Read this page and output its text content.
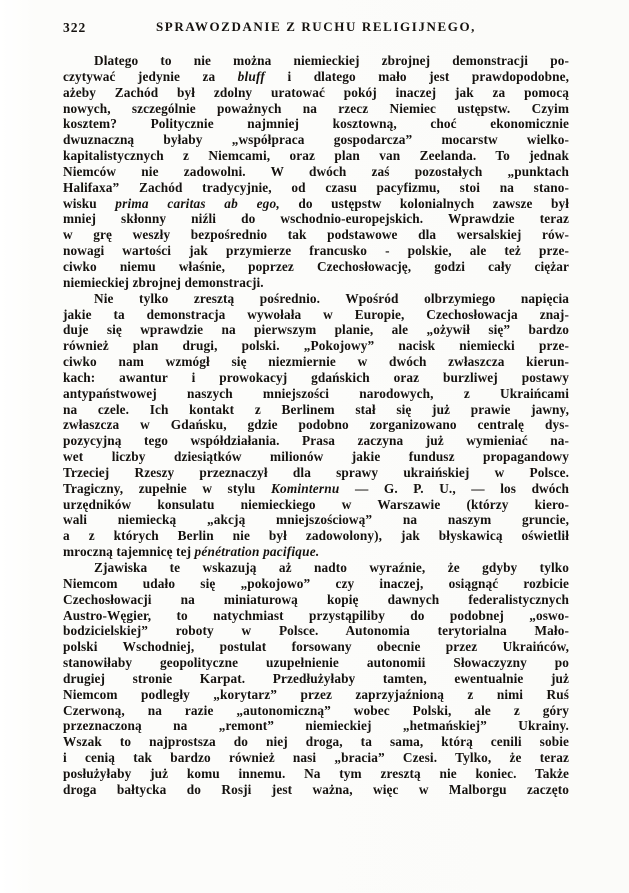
322	SPRAWOZDANIE Z RUCHU RELIGIJNEGO,
Dlatego to nie można niemieckiej zbrojnej demonstracji po-
czytywać jedynie za bluff i dlatego mało jest prawdopodobne,
ażeby Zachód był zdolny uratować pokój inaczej jak za pomocą
nowych, szczególnie poważnych na rzecz Niemiec ustępstw. Czyim
kosztem? Politycznie najmniej kosztowną, choć ekonomicznie
dwuznaczną byłaby „współpraca gospodarcza” mocarstw wielko-
kapitalistycznych z Niemcami, oraz plan van Zeelanda. To jednak
Niemców nie zadowolni. W dwóch zaś pozostałych „punktach
Halifaxa” Zachód tradycyjnie, od czasu pacyfizmu, stoi na stano-
wisku prima caritas ab ego, do ustępstw kolonialnych zawsze był
mniej skłonny niźli do wschodnio-europejskich. Wprawdzie teraz
w grę weszły bezpośrednio tak podstawowe dla wersalskiej rów-
nowagi wartości jak przymierze francusko - polskie, ale też prze-
ciwko niemu właśnie, poprzez Czechosłowację, godzi cały ciężar
niemieckiej zbrojnej demonstracji.
Nie tylko zresztą pośrednio. Wpośród olbrzymiego napięcia
jakie ta demonstracja wywołała w Europie, Czechosłowacja znaj-
duje się wprawdzie na pierwszym planie, ale „ożywił się” bardzo
również plan drugi, polski. „Pokojowy” nacisk niemiecki prze-
ciwko nam wzmógł się niezmiernie w dwóch zwłaszcza kierun-
kach: awantur i prowokacyj gdańskich oraz burzliwej postawy
antypaństwowej naszych mniejszości narodowych, z Ukraińcami
na czele. Ich kontakt z Berlinem stał się już prawie jawny,
zwłaszcza w Gdańsku, gdzie podobno zorganizowano centralę dys-
pozycyjną tego współdziałania. Prasa zaczyna już wymieniać na-
wet liczby dziesiątków milionów jakie fundusz propagandowy
Trzeciej Rzeszy przeznaczył dla sprawy ukraińskiej w Polsce.
Tragiczny, zupełnie w stylu Kominternu — G. P. U., — los dwóch
urzędników konsulatu niemieckiego w Warszawie (którzy kiero-
wali niemiecką „akcją mniejszościową” na naszym gruncie,
a z których Berlin nie był zadowolony), jak błyskawicą oświetlił
mroczną tajemnicę tej pénétration pacifique.
Zjawiska te wskazują aż nadto wyraźnie, że gdyby tylko
Niemcom udało się „pokojowo” czy inaczej, osiągnąć rozbicie
Czechosłowacji na miniaturową kopię dawnych federalistycznych
Austro-Węgier, to natychmiast przystąpiliby do podobnej „oswo-
bodzicielskiej” roboty w Polsce. Autonomia terytorialna Mało-
polski Wschodniej, postulat forsowany obecnie przez Ukraińców,
stanowiłaby geopolityczne uzupełnienie autonomii Słowaczyzny po
drugiej stronie Karpat. Przedłużyłaby tamten, ewentualnie już
Niemcom podległy „korytarz” przez zaprzyjaźnioną z nimi Ruś
Czerwoną, na razie „autonomiczną” wobec Polski, ale z góry
przeznaczoną na „remont” niemieckiej „hetmańskiej” Ukrainy.
Wszak to najprostsza do niej droga, ta sama, którą cenili sobie
i cenią tak bardzo również nasi „bracia” Czesi. Tylko, że teraz
posłużyłaby już komu innemu. Na tym zresztą nie koniec. Także
droga bałtycka do Rosji jest ważna, więc w Malborgu zaczęto
